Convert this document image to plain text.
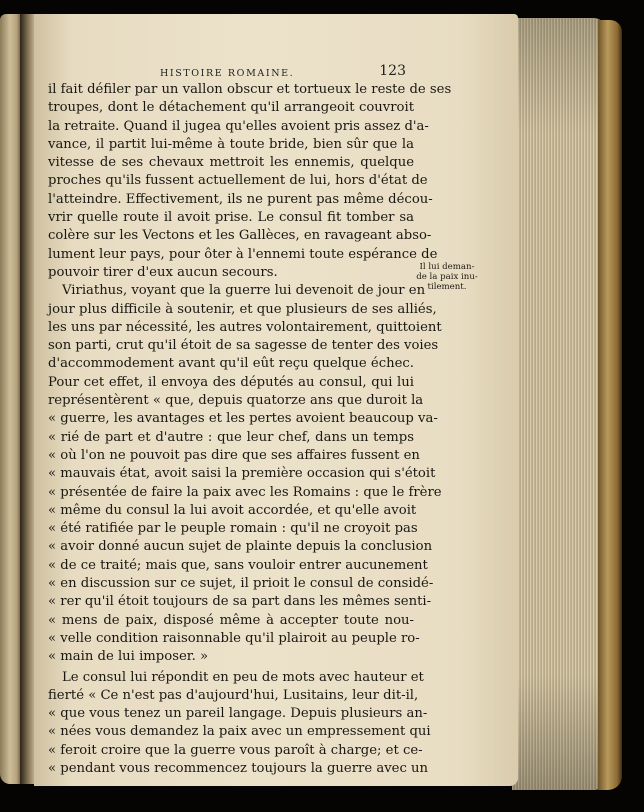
HISTOIRE ROMAINE.	123
il fait défiler par un vallon obscur et tortueux le reste de ses
troupes, dont le détachement qu'il arrangeoit couvroit
la retraite. Quand il jugea qu'elles avoient pris assez d'a-
vance, il partit lui-même à toute bride, bien sûr que la
vitesse de ses chevaux mettroit les ennemis, quelque
proches qu'ils fussent actuellement de lui, hors d'état de
l'atteindre. Effectivement, ils ne purent pas même décou-
vrir quelle route il avoit prise. Le consul fit tomber sa
colère sur les Vectons et les Gallèces, en ravageant abso-
lument leur pays, pour ôter à l'ennemi toute espérance de
pouvoir tirer d'eux aucun secours.
Viriathus, voyant que la guerre lui devenoit de jour en
jour plus difficile à soutenir, et que plusieurs de ses alliés,
les uns par nécessité, les autres volontairement, quittoient
son parti, crut qu'il étoit de sa sagesse de tenter des voies
d'accommodement avant qu'il eût reçu quelque échec.
Pour cet effet, il envoya des députés au consul, qui lui
représentèrent « que, depuis quatorze ans que duroit la
« guerre, les avantages et les pertes avoient beaucoup va-
« rié de part et d'autre : que leur chef, dans un temps
« où l'on ne pouvoit pas dire que ses affaires fussent en
« mauvais état, avoit saisi la première occasion qui s'étoit
« présentée de faire la paix avec les Romains : que le frère
« même du consul la lui avoit accordée, et qu'elle avoit
« été ratifiée par le peuple romain : qu'il ne croyoit pas
« avoir donné aucun sujet de plainte depuis la conclusion
« de ce traité; mais que, sans vouloir entrer aucunement
« en discussion sur ce sujet, il prioit le consul de considé-
« rer qu'il étoit toujours de sa part dans les mêmes senti-
« mens de paix, disposé même à accepter toute nou-
« velle condition raisonnable qu'il plairoit au peuple ro-
« main de lui imposer. »
Le consul lui répondit en peu de mots avec hauteur et
fierté « Ce n'est pas d'aujourd'hui, Lusitains, leur dit-il,
« que vous tenez un pareil langage. Depuis plusieurs an-
« nées vous demandez la paix avec un empressement qui
« feroit croire que la guerre vous paroît à charge; et ce-
« pendant vous recommencez toujours la guerre avec un
Il lui deman-
de la paix inu-
tilement.
